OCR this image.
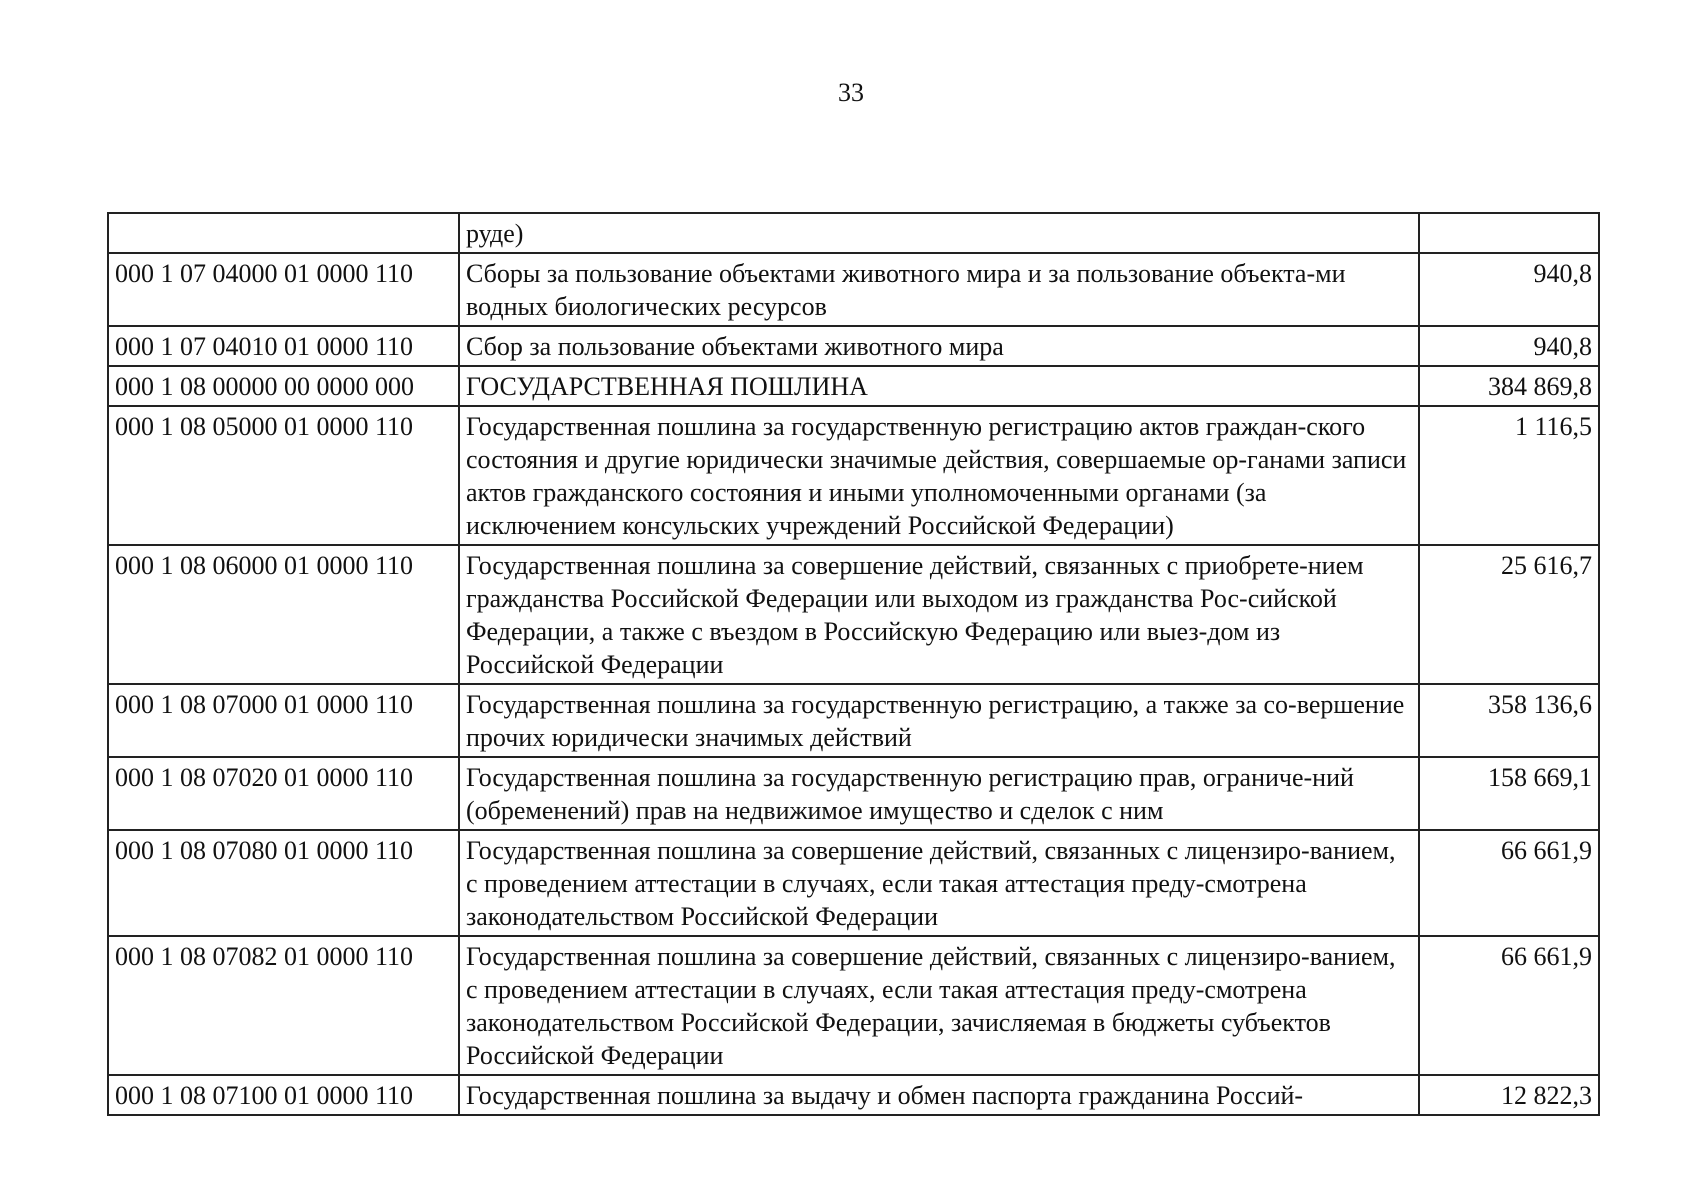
33
	руде)	
000 1 07 04000 01 0000 110	Сборы за пользование объектами животного мира и за пользование объекта-ми водных биологических ресурсов	940,8
000 1 07 04010 01 0000 110	Сбор за пользование объектами животного мира	940,8
000 1 08 00000 00 0000 000	ГОСУДАРСТВЕННАЯ ПОШЛИНА	384 869,8
000 1 08 05000 01 0000 110	Государственная пошлина за государственную регистрацию актов граждан-ского состояния и другие юридически значимые действия, совершаемые ор-ганами записи актов гражданского состояния и иными уполномоченными органами (за исключением консульских учреждений Российской Федерации)	1 116,5
000 1 08 06000 01 0000 110	Государственная пошлина за совершение действий, связанных с приобрете-нием гражданства Российской Федерации или выходом из гражданства Рос-сийской Федерации, а также с въездом в Российскую Федерацию или выез-дом из Российской Федерации	25 616,7
000 1 08 07000 01 0000 110	Государственная пошлина за государственную регистрацию, а также за со-вершение прочих юридически значимых действий	358 136,6
000 1 08 07020 01 0000 110	Государственная пошлина за государственную регистрацию прав, ограниче-ний (обременений) прав на недвижимое имущество и сделок с ним	158 669,1
000 1 08 07080 01 0000 110	Государственная пошлина за совершение действий, связанных с лицензиро-ванием, с проведением аттестации в случаях, если такая аттестация преду-смотрена законодательством Российской Федерации	66 661,9
000 1 08 07082 01 0000 110	Государственная пошлина за совершение действий, связанных с лицензиро-ванием, с проведением аттестации в случаях, если такая аттестация преду-смотрена законодательством Российской Федерации, зачисляемая в бюджеты субъектов Российской Федерации	66 661,9
000 1 08 07100 01 0000 110	Государственная пошлина за выдачу и обмен паспорта гражданина Россий-	12 822,3
